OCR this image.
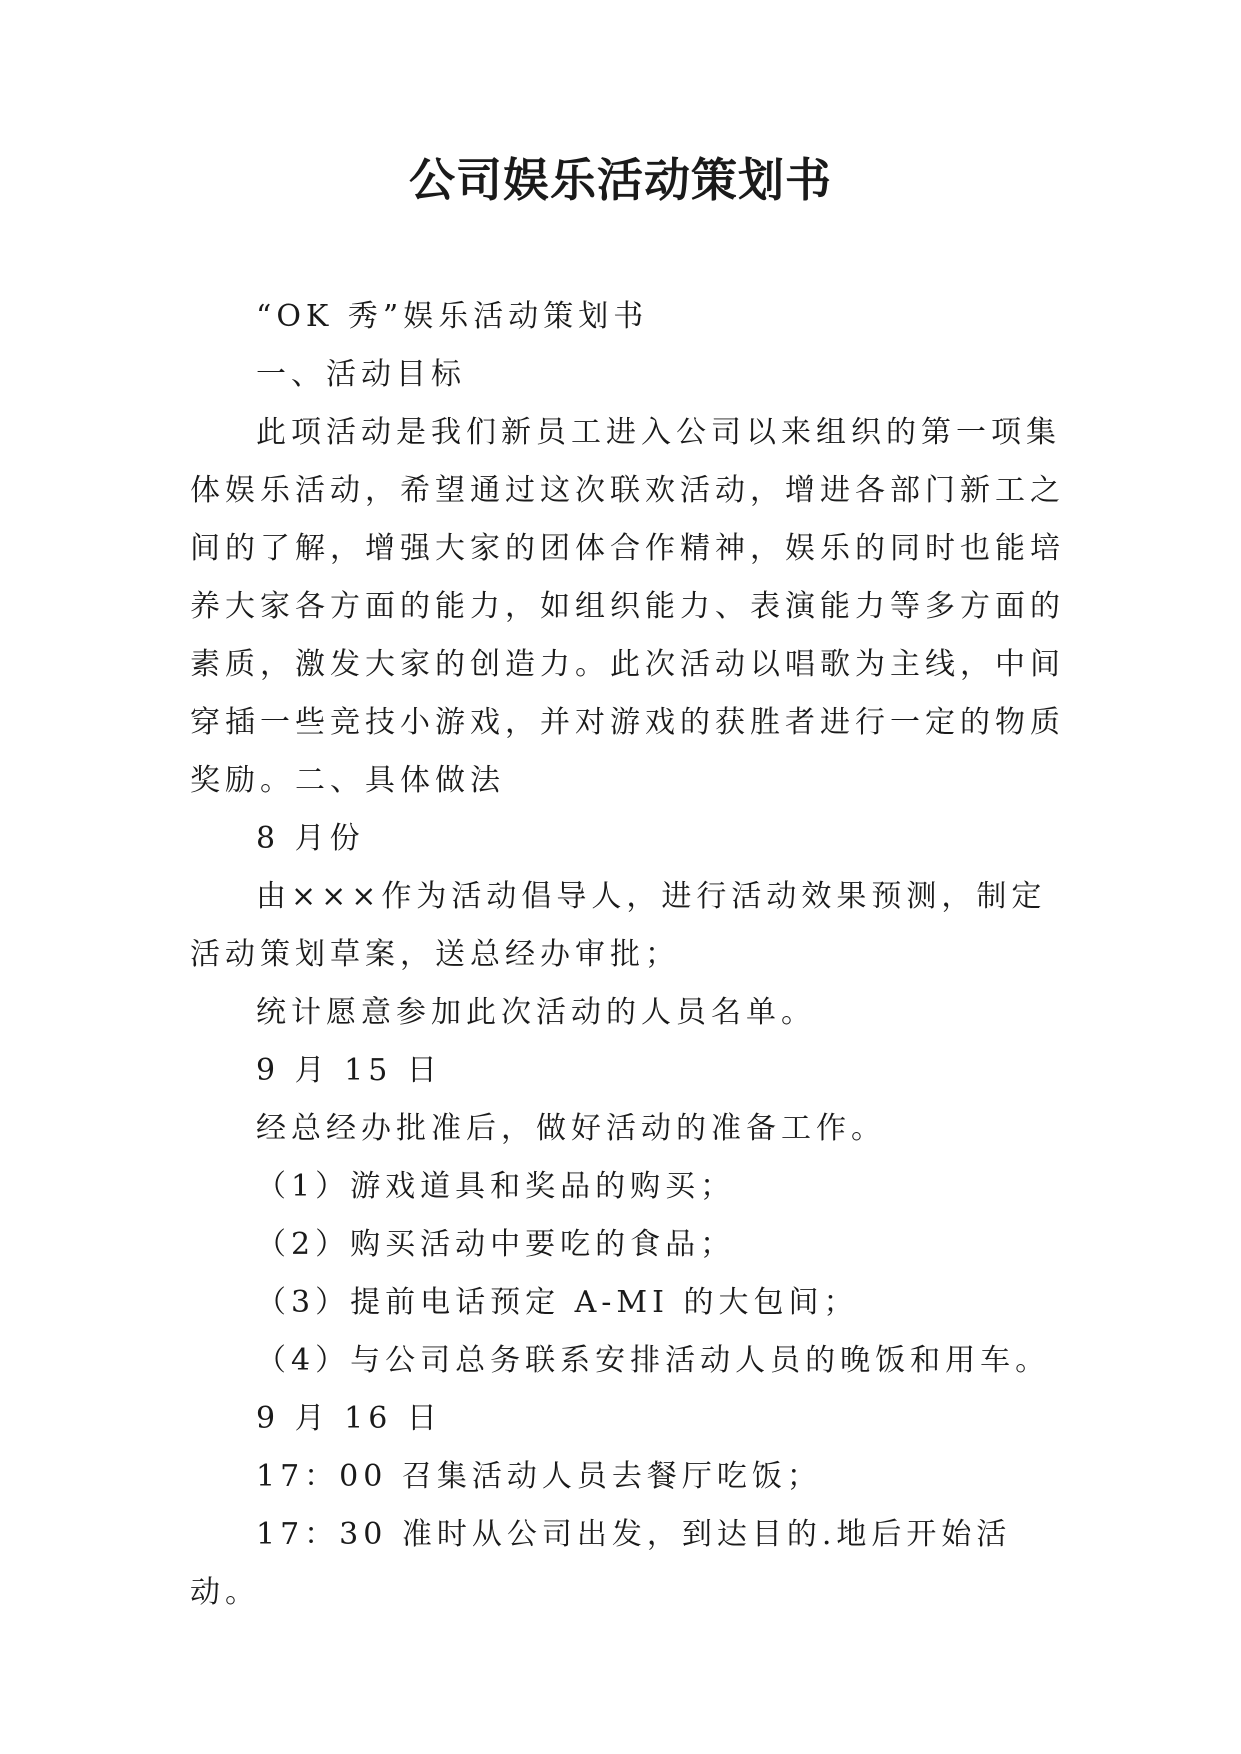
公司娱乐活动策划书

“OK 秀”娱乐活动策划书

一、活动目标

此项活动是我们新员工进入公司以来组织的第一项集体娱乐活动，希望通过这次联欢活动，增进各部门新工之间的了解，增强大家的团体合作精神，娱乐的同时也能培养大家各方面的能力，如组织能力、表演能力等多方面的素质，激发大家的创造力。此次活动以唱歌为主线，中间穿插一些竞技小游戏，并对游戏的获胜者进行一定的物质奖励。二、具体做法

8 月份

由×××作为活动倡导人，进行活动效果预测，制定活动策划草案，送总经办审批；

统计愿意参加此次活动的人员名单。

9 月 15 日

经总经办批准后，做好活动的准备工作。

（1）游戏道具和奖品的购买；

（2）购买活动中要吃的食品；

（3）提前电话预定 A-MI 的大包间；

（4）与公司总务联系安排活动人员的晚饭和用车。

9 月 16 日

17：00 召集活动人员去餐厅吃饭；

17：30 准时从公司出发，到达目的.地后开始活动。
